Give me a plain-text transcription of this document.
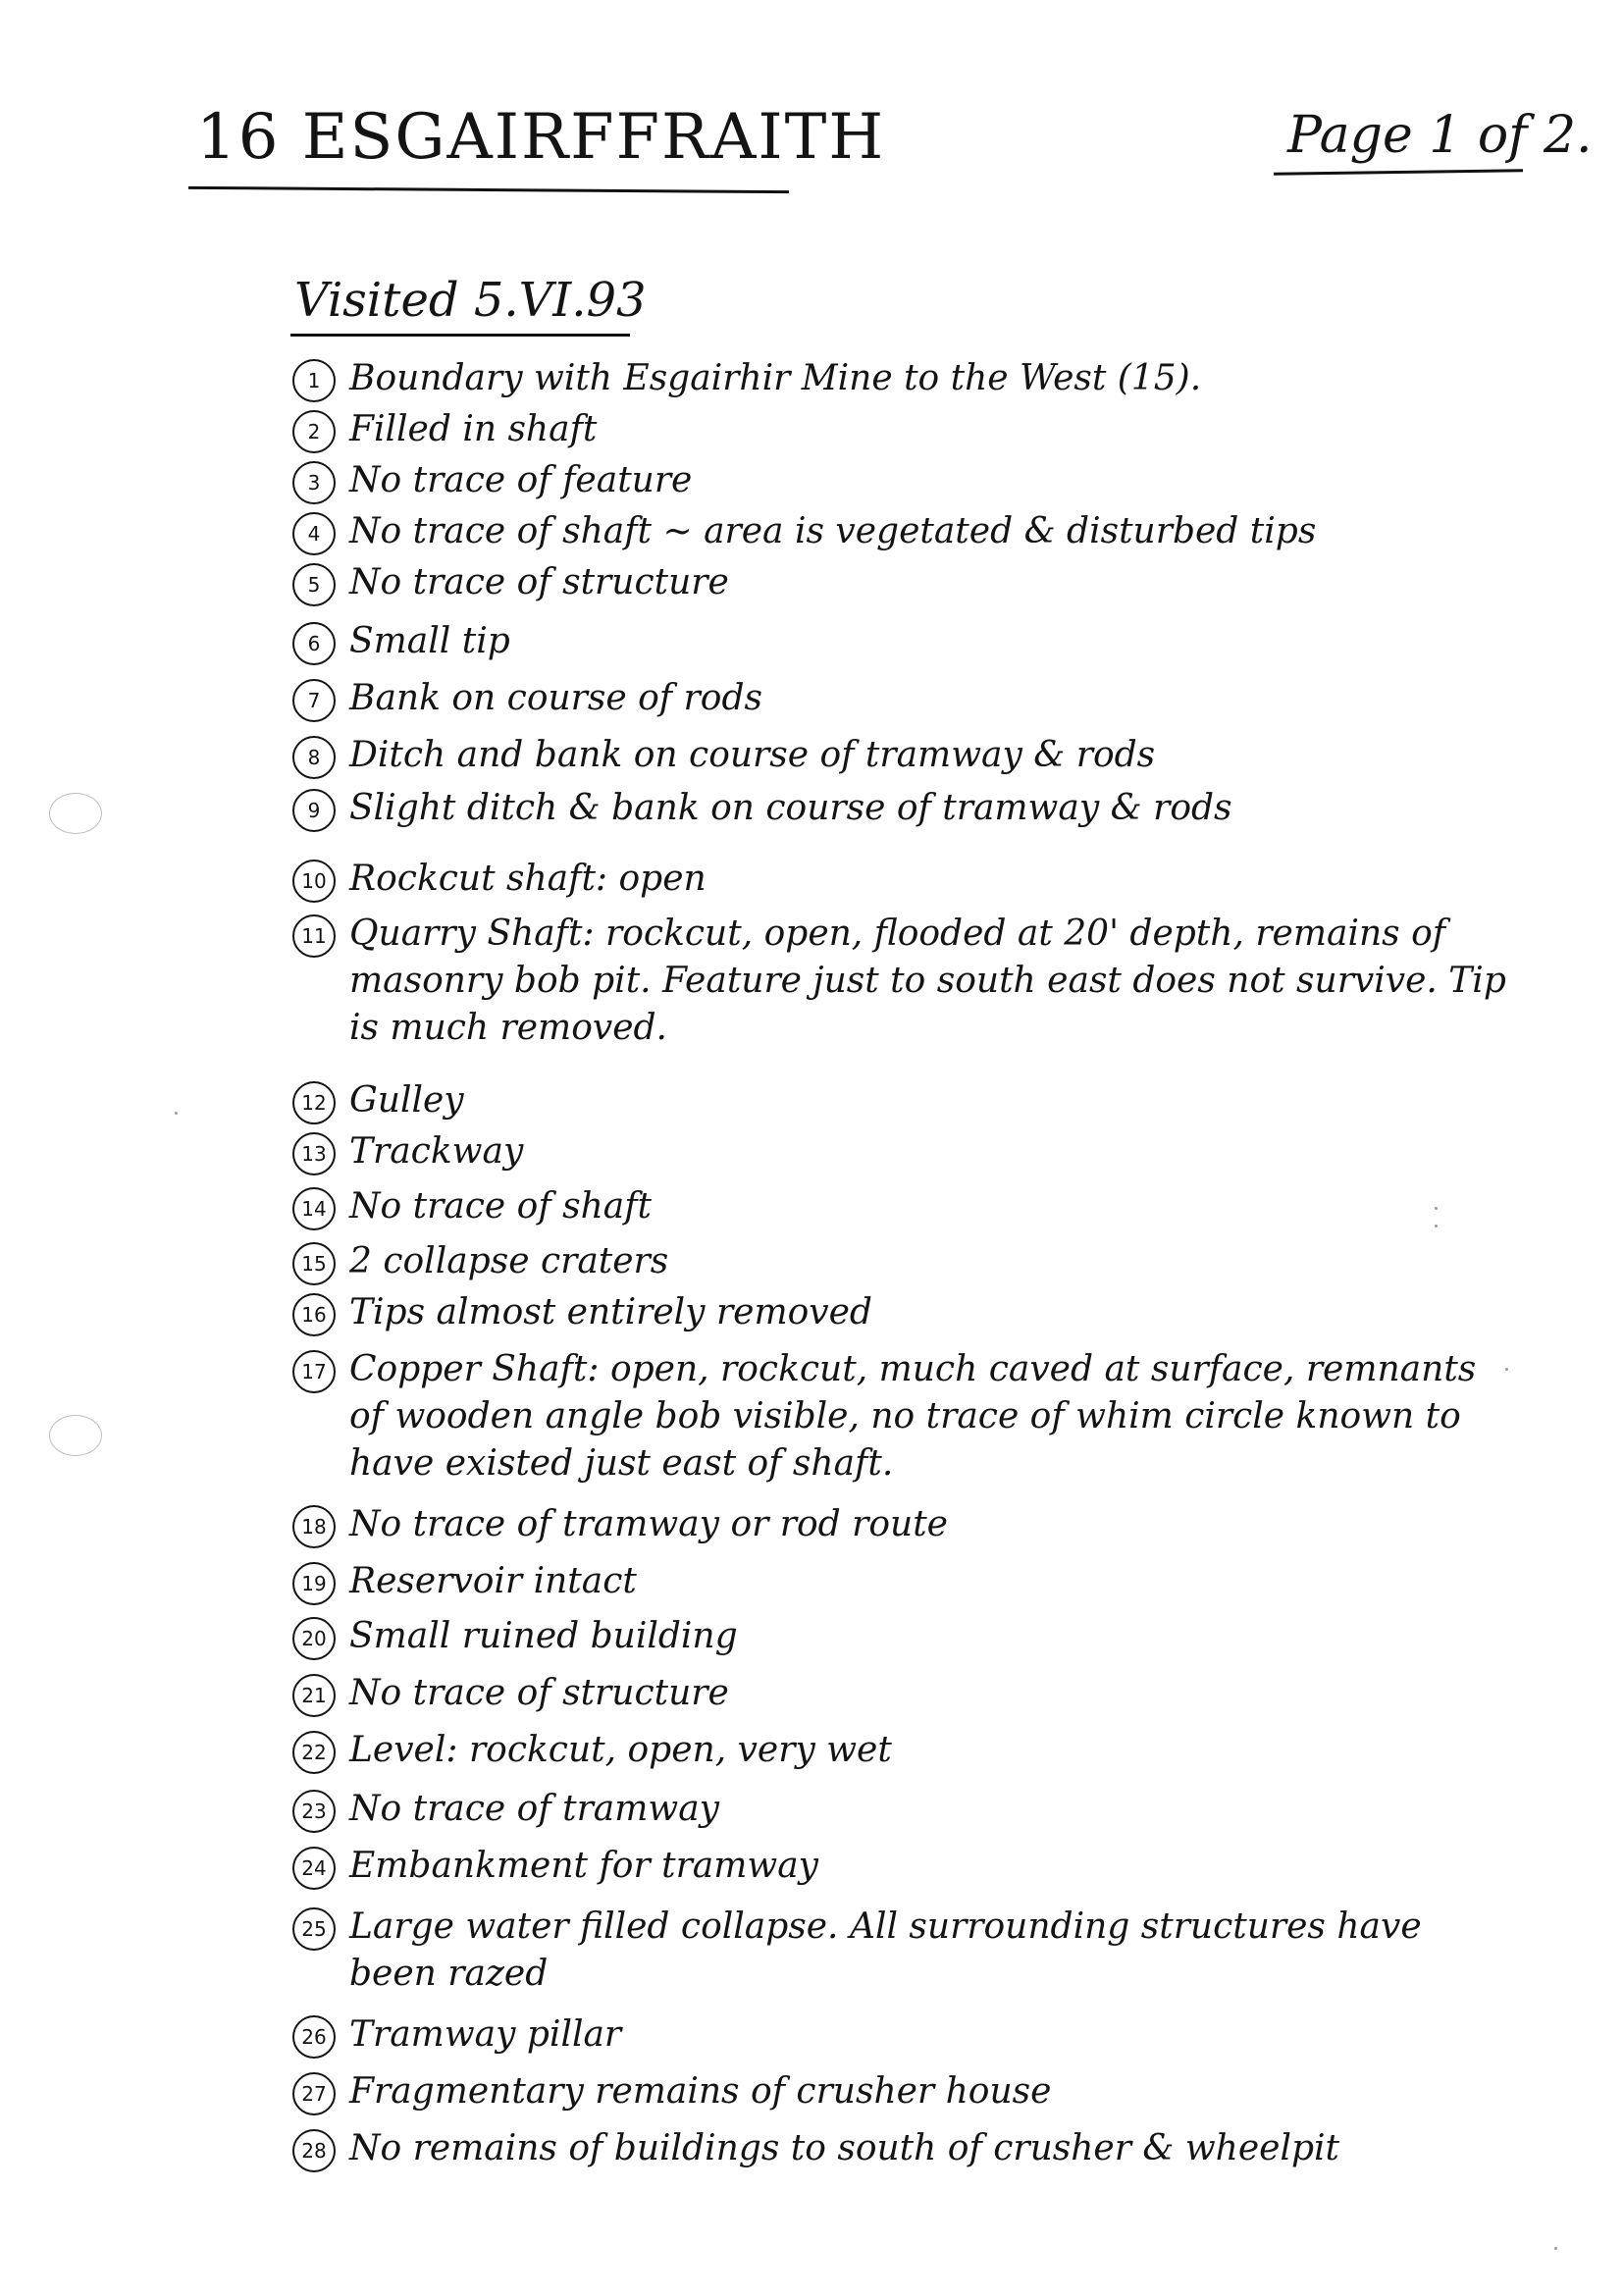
16 ESGAIRFFRAITH	Page 1 of 2.
Visited 5.VI.93
1 Boundary with Esgairhir Mine to the West (15).
2 Filled in shaft
3 No trace of feature
4 No trace of shaft ~ area is vegetated & disturbed tips
5 No trace of structure
6 Small tip
7 Bank on course of rods
8 Ditch and bank on course of tramway & rods
9 Slight ditch & bank on course of tramway & rods
10 Rockcut shaft: open
11 Quarry Shaft: rockcut, open, flooded at 20' depth, remains of masonry bob pit. Feature just to south east does not survive. Tip is much removed.
12 Gulley
13 Trackway
14 No trace of shaft
15 2 collapse craters
16 Tips almost entirely removed
17 Copper Shaft: open, rockcut, much caved at surface, remnants of wooden angle bob visible, no trace of whim circle known to have existed just east of shaft.
18 No trace of tramway or rod route
19 Reservoir intact
20 Small ruined building
21 No trace of structure
22 Level: rockcut, open, very wet
23 No trace of tramway
24 Embankment for tramway
25 Large water filled collapse. All surrounding structures have been razed
26 Tramway pillar
27 Fragmentary remains of crusher house
28 No remains of buildings to south of crusher & wheelpit
